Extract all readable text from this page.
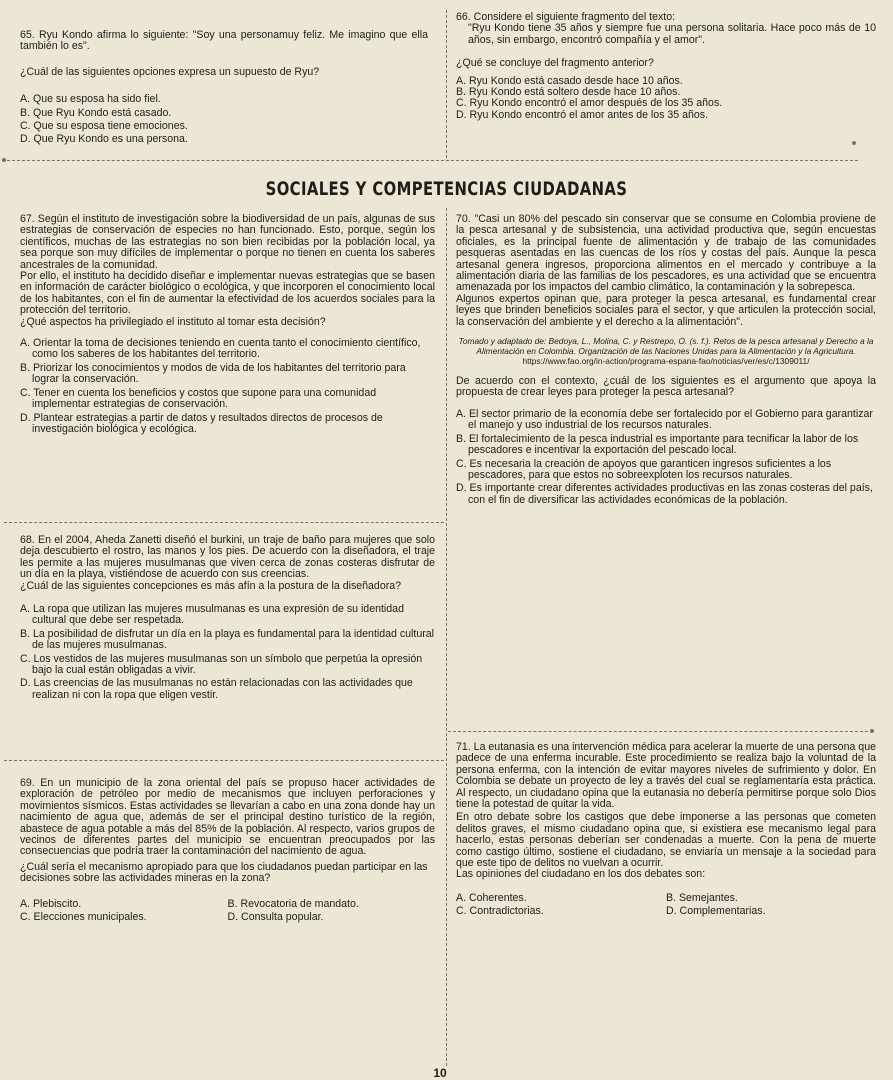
65. Ryu Kondo afirma lo siguiente: "Soy una personamuy feliz. Me imagino que ella también lo es".

¿Cuál de las siguientes opciones expresa un supuesto de Ryu?

A. Que su esposa ha sido fiel.

B. Que Ryu Kondo está casado.

C. Que su esposa tiene emociones.

D. Que Ryu Kondo es una persona.

66. Considere el siguiente fragmento del texto:

"Ryu Kondo tiene 35 años y siempre fue una persona solitaria. Hace poco más de 10 años, sin embargo, encontró compañía y el amor".

¿Qué se concluye del fragmento anterior?

A. Ryu Kondo está casado desde hace 10 años.

B. Ryu Kondo está soltero desde hace 10 años.

C. Ryu Kondo encontró el amor después de los 35 años.

D. Ryu Kondo encontró el amor antes de los 35 años.

SOCIALES Y COMPETENCIAS CIUDADANAS

67. Según el instituto de investigación sobre la biodiversidad de un país, algunas de sus estrategias de conservación de especies no han funcionado. Esto, porque, según los científicos, muchas de las estrategias no son bien recibidas por la población local, ya sea porque son muy difíciles de implementar o porque no tienen en cuenta los saberes ancestrales de la comunidad.

Por ello, el instituto ha decidido diseñar e implementar nuevas estrategias que se basen en información de carácter biológico o ecológica, y que incorporen el conocimiento local de los habitantes, con el fin de aumentar la efectividad de los acuerdos sociales para la protección del territorio.

¿Qué aspectos ha privilegiado el instituto al tomar esta decisión?

A. Orientar la toma de decisiones teniendo en cuenta tanto el conocimiento científico, como los saberes de los habitantes del territorio.

B. Priorizar los conocimientos y modos de vida de los habitantes del territorio para lograr la conservación.

C. Tener en cuenta los beneficios y costos que supone para una comunidad implementar estrategias de conservación.

D. Plantear estrategias a partir de datos y resultados directos de procesos de investigación biológica y ecológica.

68. En el 2004, Aheda Zanetti diseñó el burkini, un traje de baño para mujeres que solo deja descubierto el rostro, las manos y los pies. De acuerdo con la diseñadora, el traje les permite a las mujeres musulmanas que viven cerca de zonas costeras disfrutar de un día en la playa, vistiéndose de acuerdo con sus creencias.

¿Cuál de las siguientes concepciones es más afín a la postura de la diseñadora?

A. La ropa que utilizan las mujeres musulmanas es una expresión de su identidad cultural que debe ser respetada.

B. La posibilidad de disfrutar un día en la playa es fundamental para la identidad cultural de las mujeres musulmanas.

C. Los vestidos de las mujeres musulmanas son un símbolo que perpetúa la opresión bajo la cual están obligadas a vivir.

D. Las creencias de las musulmanas no están relacionadas con las actividades que realizan ni con la ropa que eligen vestir.

69. En un municipio de la zona oriental del país se propuso hacer actividades de exploración de petróleo por medio de mecanismos que incluyen perforaciones y movimientos sísmicos. Estas actividades se llevarían a cabo en una zona donde hay un nacimiento de agua que, además de ser el principal destino turístico de la región, abastece de agua potable a más del 85% de la población. Al respecto, varios grupos de vecinos de diferentes partes del municipio se encuentran preocupados por las consecuencias que podría traer la contaminación del nacimiento de agua.

¿Cuál sería el mecanismo apropiado para que los ciudadanos puedan participar en las decisiones sobre las actividades mineras en la zona?

A. Plebiscito.	B. Revocatoria de mandato.
C. Elecciones municipales.	D. Consulta popular.

70. "Casi un 80% del pescado sin conservar que se consume en Colombia proviene de la pesca artesanal y de subsistencia, una actividad productiva que, según encuestas oficiales, es la principal fuente de alimentación y de trabajo de las comunidades pesqueras asentadas en las cuencas de los ríos y costas del país. Aunque la pesca artesanal genera ingresos, proporciona alimentos en el mercado y contribuye a la alimentación diaria de las familias de los pescadores, es una actividad que se encuentra amenazada por los impactos del cambio climático, la contaminación y la sobrepesca.

Algunos expertos opinan que, para proteger la pesca artesanal, es fundamental crear leyes que brinden beneficios sociales para el sector, y que articulen la protección social, la conservación del ambiente y el derecho a la alimentación".

Tomado y adaptado de: Bedoya, L., Molina, C. y Restrepo, O. (s. f.). Retos de la pesca artesanal y Derecho a la Alimentación en Colombia. Organización de las Naciones Unidas para la Alimentación y la Agricultura.

https://www.fao.org/in-action/programa-espana-fao/noticias/ver/es/c/1309011/

De acuerdo con el contexto, ¿cuál de los siguientes es el argumento que apoya la propuesta de crear leyes para proteger la pesca artesanal?

A. El sector primario de la economía debe ser fortalecido por el Gobierno para garantizar el manejo y uso industrial de los recursos naturales.

B. El fortalecimiento de la pesca industrial es importante para tecnificar la labor de los pescadores e incentivar la exportación del pescado local.

C. Es necesaria la creación de apoyos que garanticen ingresos suficientes a los pescadores, para que estos no sobreexploten los recursos naturales.

D. Es importante crear diferentes actividades productivas en las zonas costeras del país, con el fin de diversificar las actividades económicas de la población.

71. La eutanasia es una intervención médica para acelerar la muerte de una persona que padece de una enferma incurable. Este procedimiento se realiza bajo la voluntad de la persona enferma, con la intención de evitar mayores niveles de sufrimiento y dolor. En Colombia se debate un proyecto de ley a través del cual se reglamentaría esta práctica. Al respecto, un ciudadano opina que la eutanasia no debería permitirse porque solo Dios tiene la potestad de quitar la vida.

En otro debate sobre los castigos que debe imponerse a las personas que cometen delitos graves, el mismo ciudadano opina que, si existiera ese mecanismo legal para hacerlo, estas personas deberían ser condenadas a muerte. Con la pena de muerte como castigo último, sostiene el ciudadano, se enviaría un mensaje a la sociedad para que este tipo de delitos no vuelvan a ocurrir.

Las opiniones del ciudadano en los dos debates son:

A. Coherentes.	B. Semejantes.
C. Contradictorias.	D. Complementarias.
10
